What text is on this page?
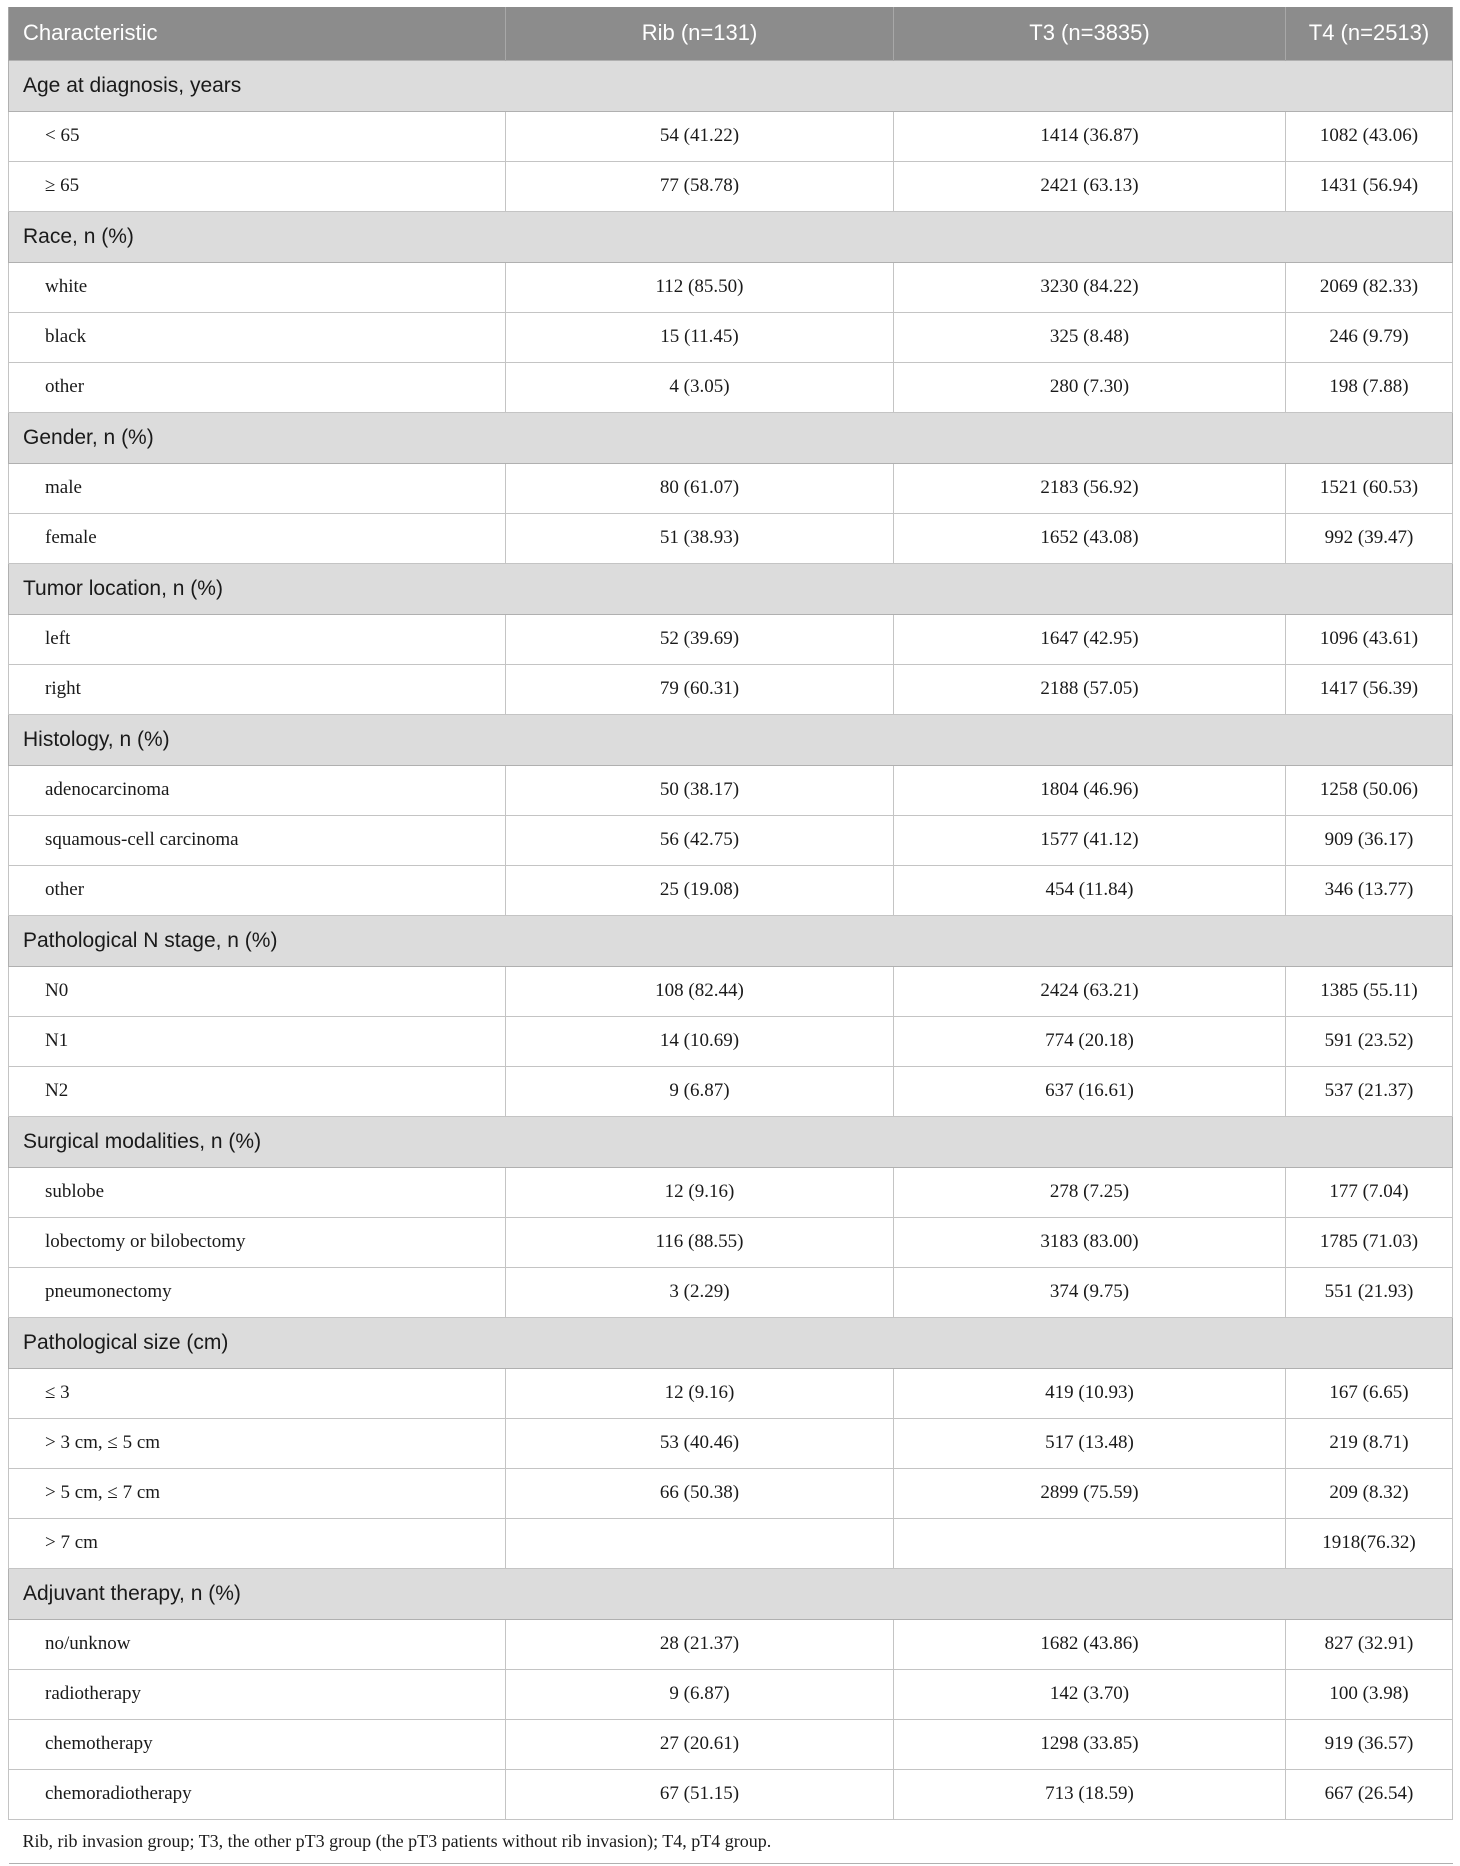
Characteristic	Rib (n=131)	T3 (n=3835)	T4 (n=2513)
Age at diagnosis, years			
< 65	54 (41.22)	1414 (36.87)	1082 (43.06)
≥ 65	77 (58.78)	2421 (63.13)	1431 (56.94)
Race, n (%)			
white	112 (85.50)	3230 (84.22)	2069 (82.33)
black	15 (11.45)	325 (8.48)	246 (9.79)
other	4 (3.05)	280 (7.30)	198 (7.88)
Gender, n (%)			
male	80 (61.07)	2183 (56.92)	1521 (60.53)
female	51 (38.93)	1652 (43.08)	992 (39.47)
Tumor location, n (%)			
left	52 (39.69)	1647 (42.95)	1096 (43.61)
right	79 (60.31)	2188 (57.05)	1417 (56.39)
Histology, n (%)			
adenocarcinoma	50 (38.17)	1804 (46.96)	1258 (50.06)
squamous-cell carcinoma	56 (42.75)	1577 (41.12)	909 (36.17)
other	25 (19.08)	454 (11.84)	346 (13.77)
Pathological N stage, n (%)			
N0	108 (82.44)	2424 (63.21)	1385 (55.11)
N1	14 (10.69)	774 (20.18)	591 (23.52)
N2	9 (6.87)	637 (16.61)	537 (21.37)
Surgical modalities, n (%)			
sublobe	12 (9.16)	278 (7.25)	177 (7.04)
lobectomy or bilobectomy	116 (88.55)	3183 (83.00)	1785 (71.03)
pneumonectomy	3 (2.29)	374 (9.75)	551 (21.93)
Pathological size (cm)			
≤ 3	12 (9.16)	419 (10.93)	167 (6.65)
> 3 cm, ≤ 5 cm	53 (40.46)	517 (13.48)	219 (8.71)
> 5 cm, ≤ 7 cm	66 (50.38)	2899 (75.59)	209 (8.32)
> 7 cm			1918(76.32)
Adjuvant therapy, n (%)			
no/unknow	28 (21.37)	1682 (43.86)	827 (32.91)
radiotherapy	9 (6.87)	142 (3.70)	100 (3.98)
chemotherapy	27 (20.61)	1298 (33.85)	919 (36.57)
chemoradiotherapy	67 (51.15)	713 (18.59)	667 (26.54)
Rib, rib invasion group; T3, the other pT3 group (the pT3 patients without rib invasion); T4, pT4 group.			
